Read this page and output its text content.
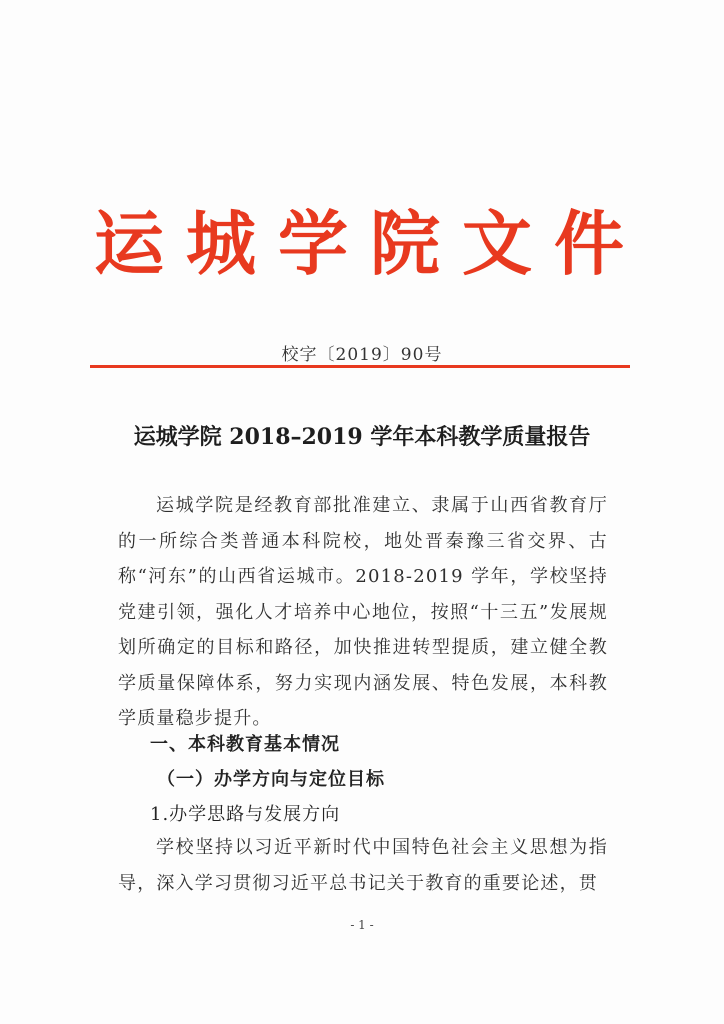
运城学院文件
校字〔2019〕90号
运城学院 2018–2019 学年本科教学质量报告

运城学院是经教育部批准建立、隶属于山西省教育厅的一所综合类普通本科院校，地处晋秦豫三省交界、古称“河东”的山西省运城市。2018-2019 学年，学校坚持党建引领，强化人才培养中心地位，按照“十三五”发展规划所确定的目标和路径，加快推进转型提质，建立健全教学质量保障体系，努力实现内涵发展、特色发展，本科教学质量稳步提升。

一、本科教育基本情况
（一）办学方向与定位目标
1.办学思路与发展方向

学校坚持以习近平新时代中国特色社会主义思想为指导，深入学习贯彻习近平总书记关于教育的重要论述，贯

- 1 -
